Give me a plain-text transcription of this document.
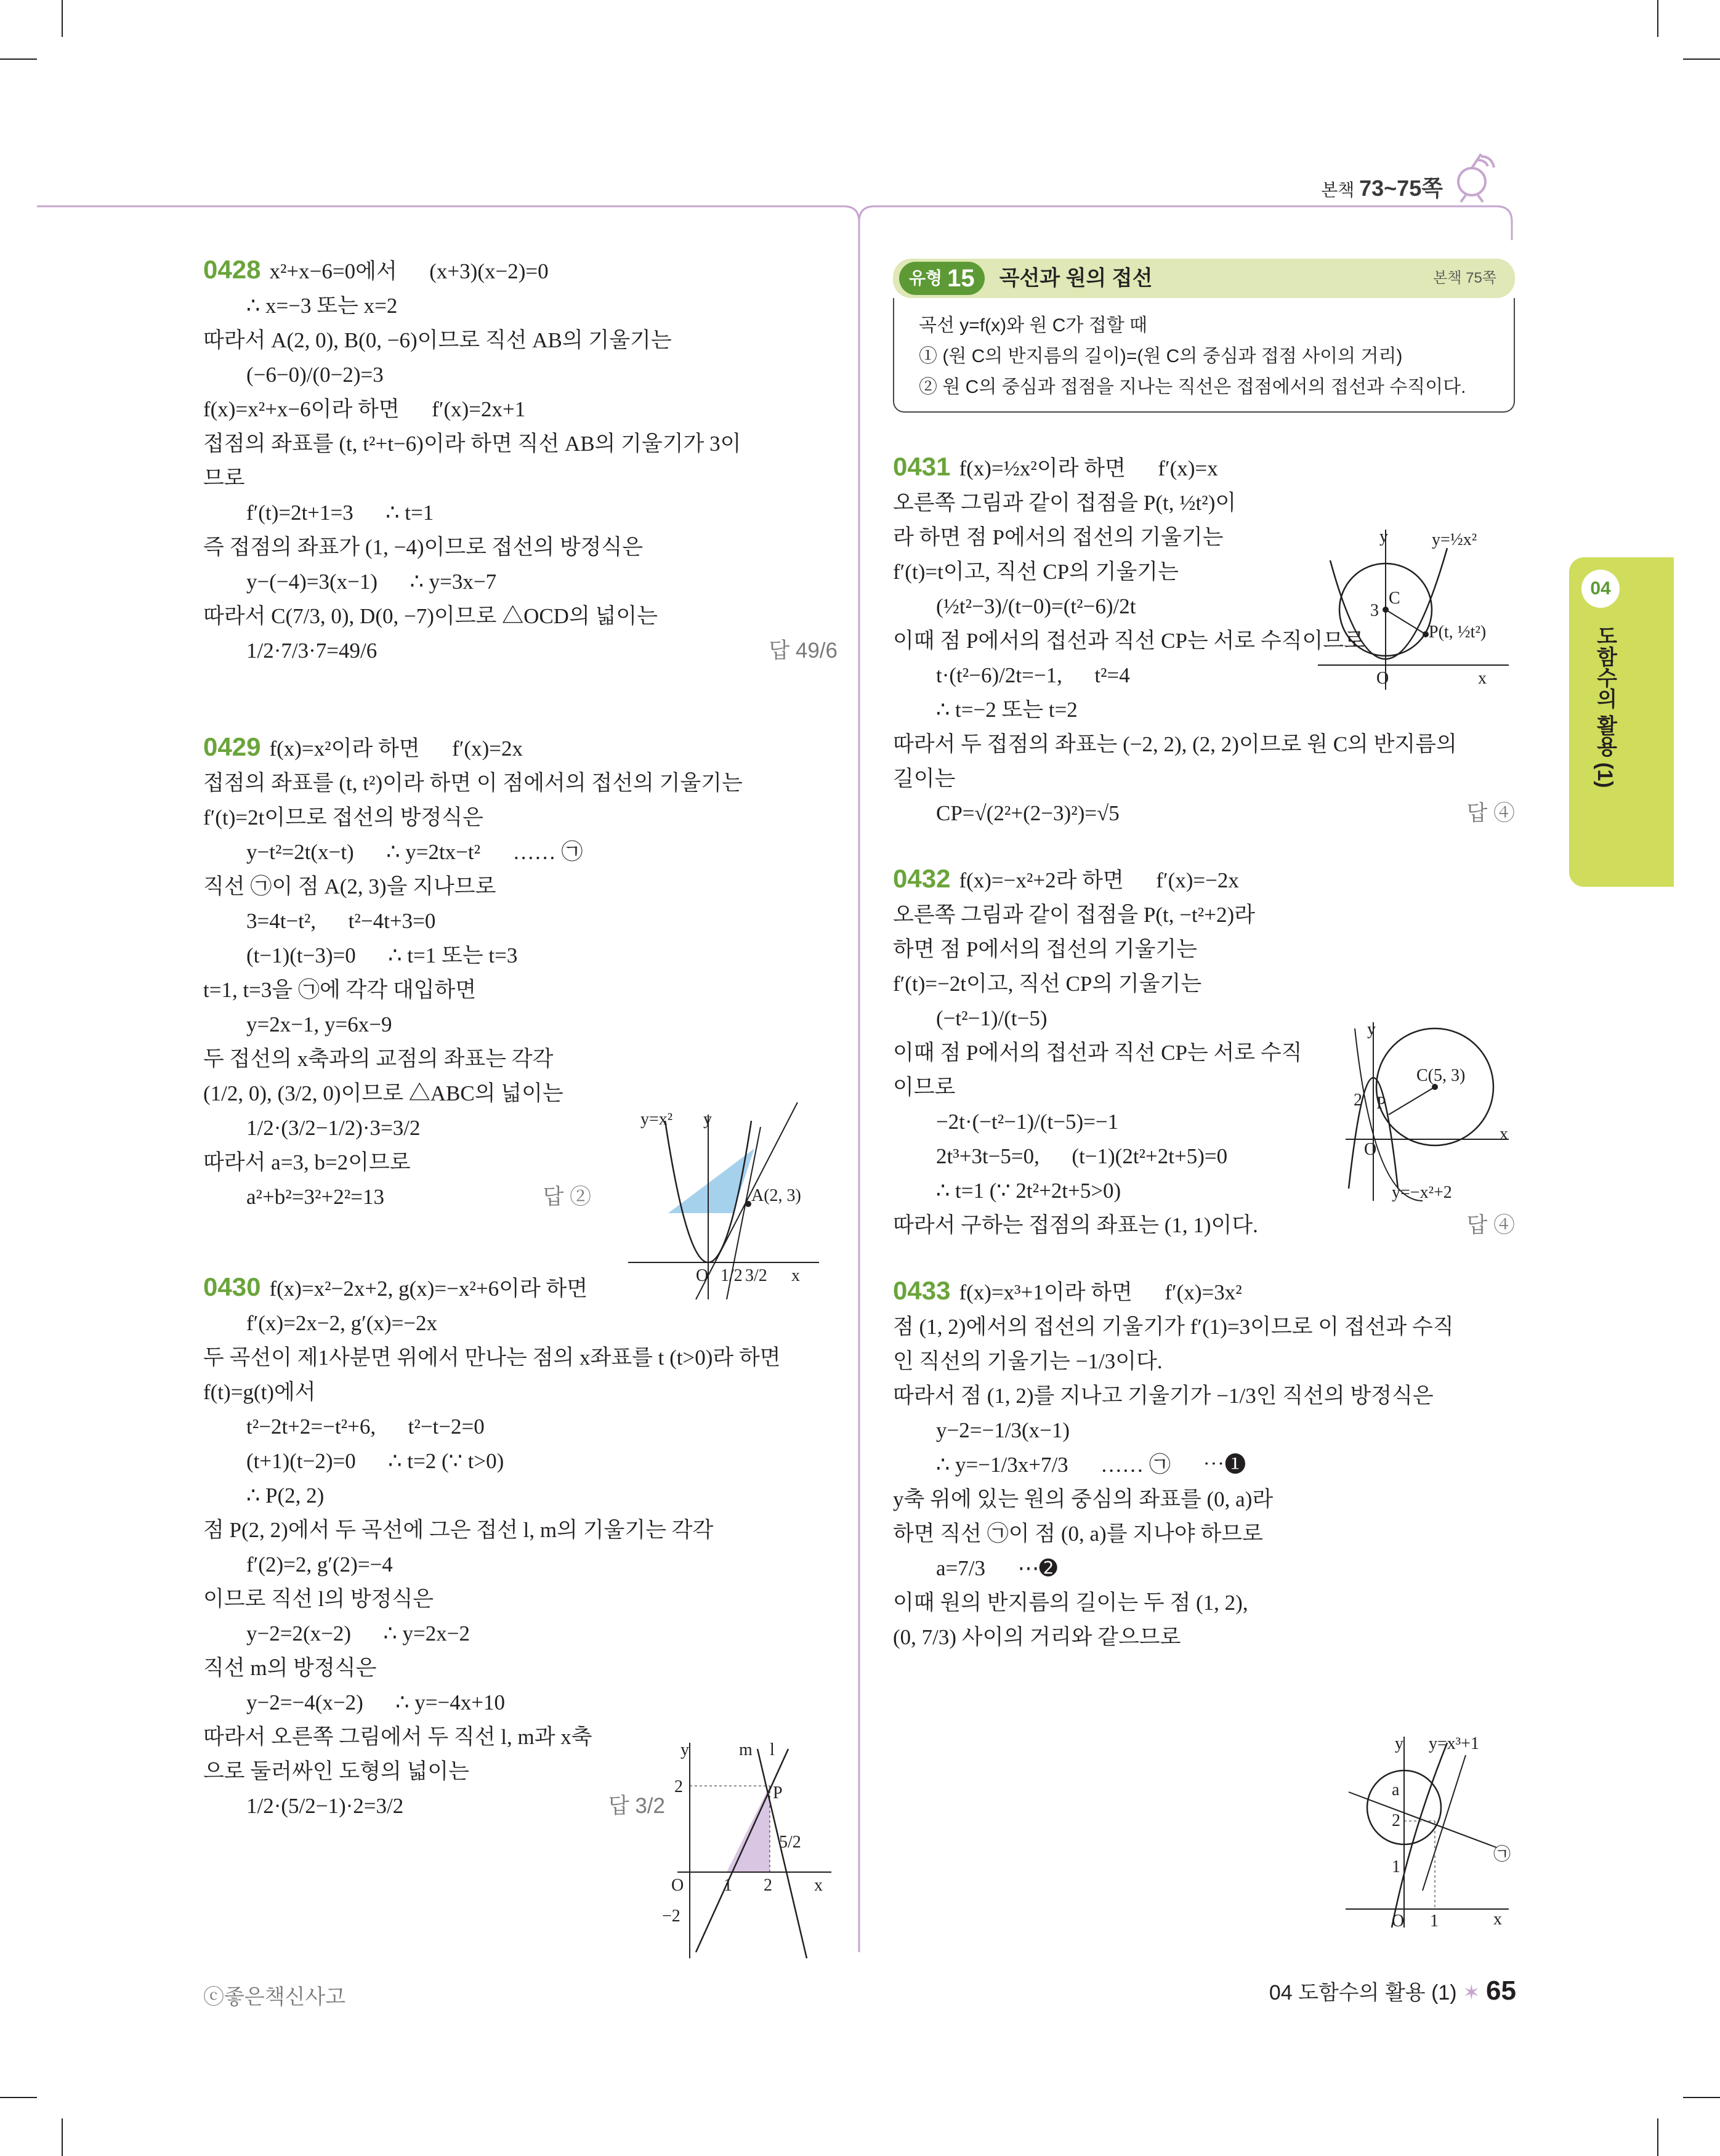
본책 73~75쪽
04
도함수의 활용 (1)

0428 x²+x−6=0에서      (x+3)(x−2)=0

∴ x=−3 또는 x=2

따라서 A(2, 0), B(0, −6)이므로 직선 AB의 기울기는

(−6−0)/(0−2)=3

f(x)=x²+x−6이라 하면      f′(x)=2x+1

접점의 좌표를 (t, t²+t−6)이라 하면 직선 AB의 기울기가 3이

므로

f′(t)=2t+1=3      ∴ t=1

즉 접점의 좌표가 (1, −4)이므로 접선의 방정식은

y−(−4)=3(x−1)      ∴ y=3x−7

따라서 C(7/3, 0), D(0, −7)이므로 △OCD의 넓이는

1/2·7/3·7=49/6	답 49/6

0429 f(x)=x²이라 하면      f′(x)=2x

접점의 좌표를 (t, t²)이라 하면 이 점에서의 접선의 기울기는

f′(t)=2t이므로 접선의 방정식은

y−t²=2t(x−t)      ∴ y=2tx−t²      …… ㉠

직선 ㉠이 점 A(2, 3)을 지나므로

3=4t−t²,      t²−4t+3=0

(t−1)(t−3)=0      ∴ t=1 또는 t=3

t=1, t=3을 ㉠에 각각 대입하면

y=2x−1, y=6x−9

두 접선의 x축과의 교점의 좌표는 각각

(1/2, 0), (3/2, 0)이므로 △ABC의 넓이는

1/2·(3/2−1/2)·3=3/2

따라서 a=3, b=2이므로

a²+b²=3²+2²=13	답 ②

0430 f(x)=x²−2x+2, g(x)=−x²+6이라 하면

f′(x)=2x−2, g′(x)=−2x

두 곡선이 제1사분면 위에서 만나는 점의 x좌표를 t (t>0)라 하면

f(t)=g(t)에서

t²−2t+2=−t²+6,      t²−t−2=0

(t+1)(t−2)=0      ∴ t=2 (∵ t>0)

∴ P(2, 2)

점 P(2, 2)에서 두 곡선에 그은 접선 l, m의 기울기는 각각

f′(2)=2, g′(2)=−4

이므로 직선 l의 방정식은

y−2=2(x−2)      ∴ y=2x−2

직선 m의 방정식은

y−2=−4(x−2)      ∴ y=−4x+10

따라서 오른쪽 그림에서 두 직선 l, m과 x축

으로 둘러싸인 도형의 넓이는

1/2·(5/2−1)·2=3/2	답 3/2

y=x² y
A(2, 3)
O 1/2 3/2 x
y	m l
2	P
5/2
O 1 2 x
−2
유형 15 곡선과 원의 접선	본책 75쪽

곡선 y=f(x)와 원 C가 접할 때

① (원 C의 반지름의 길이)=(원 C의 중심과 접점 사이의 거리)

② 원 C의 중심과 접점을 지나는 직선은 접점에서의 접선과 수직이다.

0431 f(x)=½x²이라 하면      f′(x)=x

오른쪽 그림과 같이 접점을 P(t, ½t²)이

라 하면 점 P에서의 접선의 기울기는

f′(t)=t이고, 직선 CP의 기울기는

(½t²−3)/(t−0)=(t²−6)/2t

이때 점 P에서의 접선과 직선 CP는 서로 수직이므로

t·(t²−6)/2t=−1,      t²=4

∴ t=−2 또는 t=2

따라서 두 접점의 좌표는 (−2, 2), (2, 2)이므로 원 C의 반지름의

길이는

CP=√(2²+(2−3)²)=√5	답 ④

0432 f(x)=−x²+2라 하면      f′(x)=−2x

오른쪽 그림과 같이 접점을 P(t, −t²+2)라

하면 점 P에서의 접선의 기울기는

f′(t)=−2t이고, 직선 CP의 기울기는

(−t²−1)/(t−5)

이때 점 P에서의 접선과 직선 CP는 서로 수직

이므로

−2t·(−t²−1)/(t−5)=−1

2t³+3t−5=0,      (t−1)(2t²+2t+5)=0

∴ t=1 (∵ 2t²+2t+5>0)

따라서 구하는 접점의 좌표는 (1, 1)이다.	답 ④

0433 f(x)=x³+1이라 하면      f′(x)=3x²

점 (1, 2)에서의 접선의 기울기가 f′(1)=3이므로 이 접선과 수직

인 직선의 기울기는 −1/3이다.

따라서 점 (1, 2)를 지나고 기울기가 −1/3인 직선의 방정식은

y−2=−1/3(x−1)

∴ y=−1/3x+7/3      …… ㉠      ⋯➊

y축 위에 있는 원의 중심의 좌표를 (0, a)라

하면 직선 ㉠이 점 (0, a)를 지나야 하므로

a=7/3      ⋯➋

이때 원의 반지름의 길이는 두 점 (1, 2),

(0, 7/3) 사이의 거리와 같으므로

y	y=½x²
3
C
P(t, ½t²)
O	x
y
C(5, 3)
2 P
O
x
y=−x²+2
y y=x³+1
a
2
1
O 1	x
㉠
ⓒ좋은책신사고	04 도함수의 활용 (1) ✶ 65
